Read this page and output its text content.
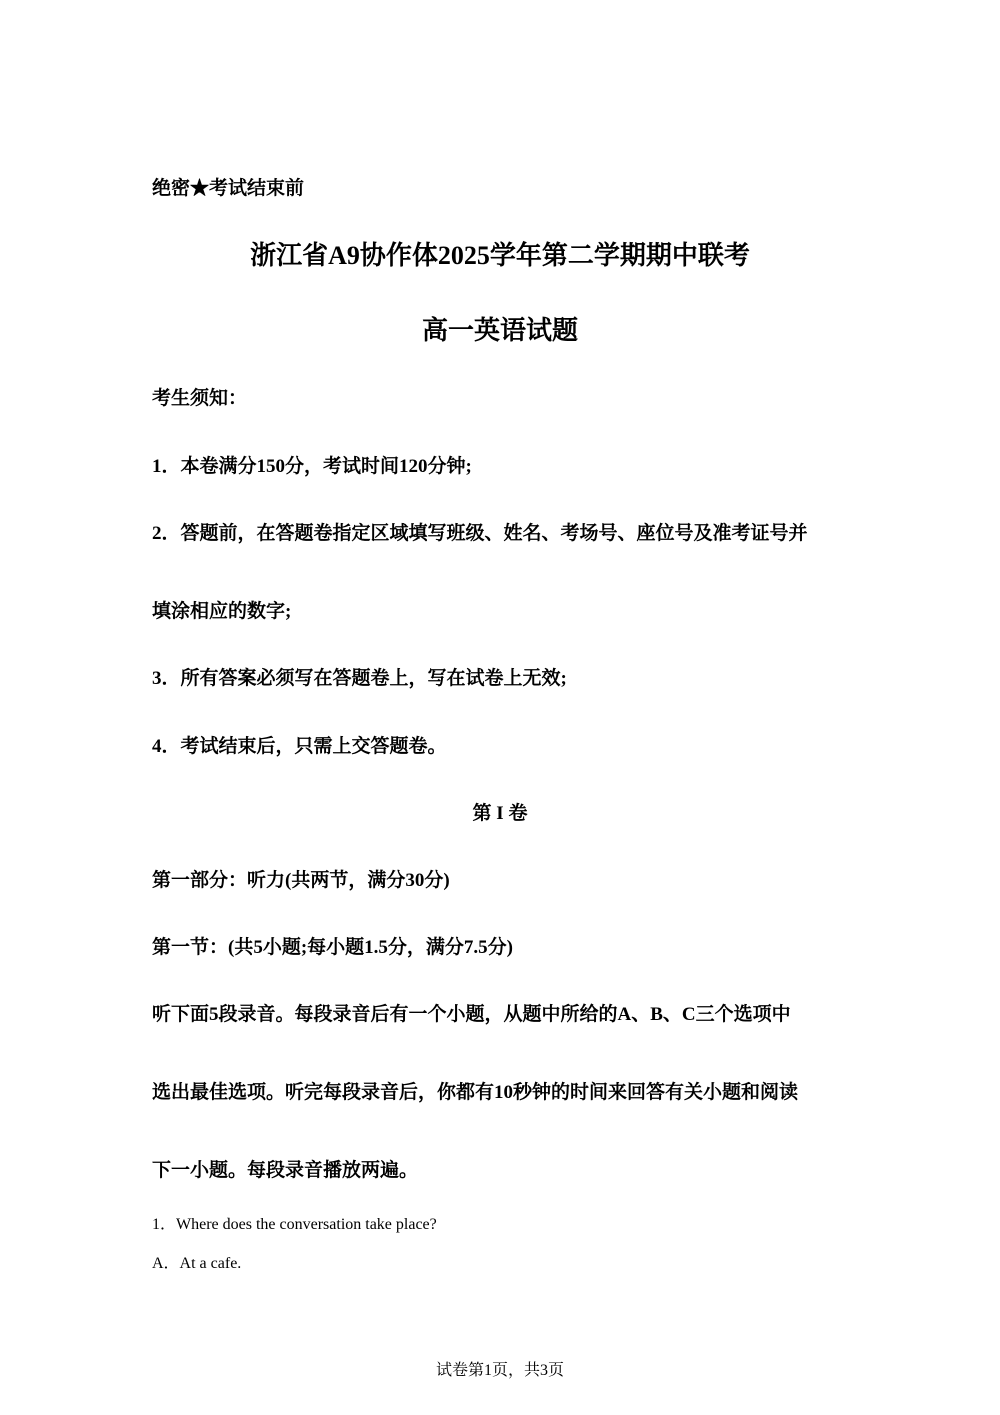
绝密★考试结束前
浙江省A9协作体2025学年第二学期期中联考
高一英语试题
考生须知：
1．本卷满分150分，考试时间120分钟;
2．答题前，在答题卷指定区域填写班级、姓名、考场号、座位号及准考证号并
填涂相应的数字;
3．所有答案必须写在答题卷上，写在试卷上无效;
4．考试结束后，只需上交答题卷。
第 I 卷
第一部分：听力(共两节，满分30分)
第一节：(共5小题;每小题1.5分，满分7.5分)
听下面5段录音。每段录音后有一个小题，从题中所给的A、B、C三个选项中
选出最佳选项。听完每段录音后，你都有10秒钟的时间来回答有关小题和阅读
下一小题。每段录音播放两遍。
1．Where does the conversation take place?
A．At a cafe.
试卷第1页，共3页
